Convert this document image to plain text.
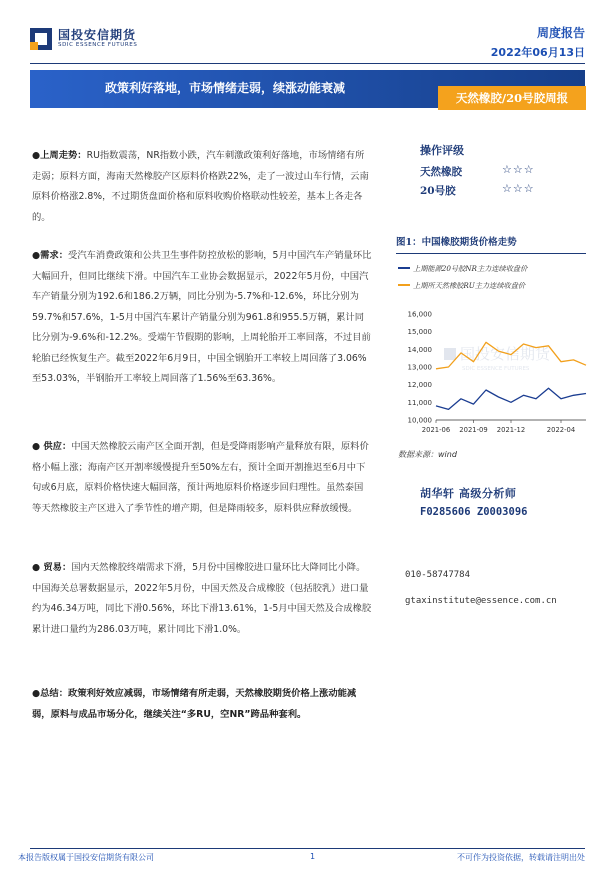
国投安信期货
SDIC ESSENCE FUTURES
周度报告
2022年06月13日
政策利好落地，市场情绪走弱，续涨动能衰减
天然橡胶/20号胶周报
●上周走势：RU指数震荡，NR指数小跌，汽车刺激政策利好落地，市场情绪有所走弱；原料方面，海南天然橡胶产区原料价格跌22%，走了一波过山车行情，云南原料价格涨2.8%，不过期货盘面价格和原料收购价格联动性较差，基本上各走各的。
●需求：受汽车消费政策和公共卫生事件防控放松的影响，5月中国汽车产销量环比大幅回升，但同比继续下滑。中国汽车工业协会数据显示，2022年5月份，中国汽车产销量分别为192.6和186.2万辆，同比分别为-5.7%和-12.6%，环比分别为59.7%和57.6%，1-5月中国汽车累计产销量分别为961.8和955.5万辆，累计同比分别为-9.6%和-12.2%。受端午节假期的影响，上周轮胎开工率回落，不过目前轮胎已经恢复生产。截至2022年6月9日，中国全钢胎开工率较上周回落了3.06%至53.03%，半钢胎开工率较上周回落了1.56%至63.36%。
● 供应：中国天然橡胶云南产区全面开割，但是受降雨影响产量释放有限，原料价格小幅上涨；海南产区开割率缓慢提升至50%左右，预计全面开割推迟至6月中下旬或6月底，原料价格快速大幅回落，预计两地原料价格逐步回归理性。虽然泰国等天然橡胶主产区进入了季节性的增产期，但是降雨较多，原料供应释放缓慢。
● 贸易：国内天然橡胶终端需求下滑，5月份中国橡胶进口量环比大降同比小降。中国海关总署数据显示，2022年5月份，中国天然及合成橡胶（包括胶乳）进口量约为46.34万吨，同比下滑0.56%，环比下滑13.61%，1-5月中国天然及合成橡胶累计进口量约为286.03万吨，累计同比下滑1.0%。
●总结：政策利好效应减弱，市场情绪有所走弱，天然橡胶期货价格上涨动能减弱，原料与成品市场分化，继续关注“多RU，空NR”跨品种套利。
操作评级
天然橡胶	☆☆☆
20号胶	☆☆☆
图1：中国橡胶期货价格走势
上期能源20号胶NR主力连续收盘价
上期所天然橡胶RU主力连续收盘价
国投安信期货
SDIC ESSENCE FUTURES
10,000
11,000
12,000
13,000
14,000
15,000
16,000
2021-06 2021-09 2021-12	2022-04
数据来源：wind
胡华轩 高级分析师
F0285606 Z0003096
010-58747784
gtaxinstitute@essence.com.cn
本报告版权属于国投安信期货有限公司	1	不可作为投资依据，转载请注明出处
